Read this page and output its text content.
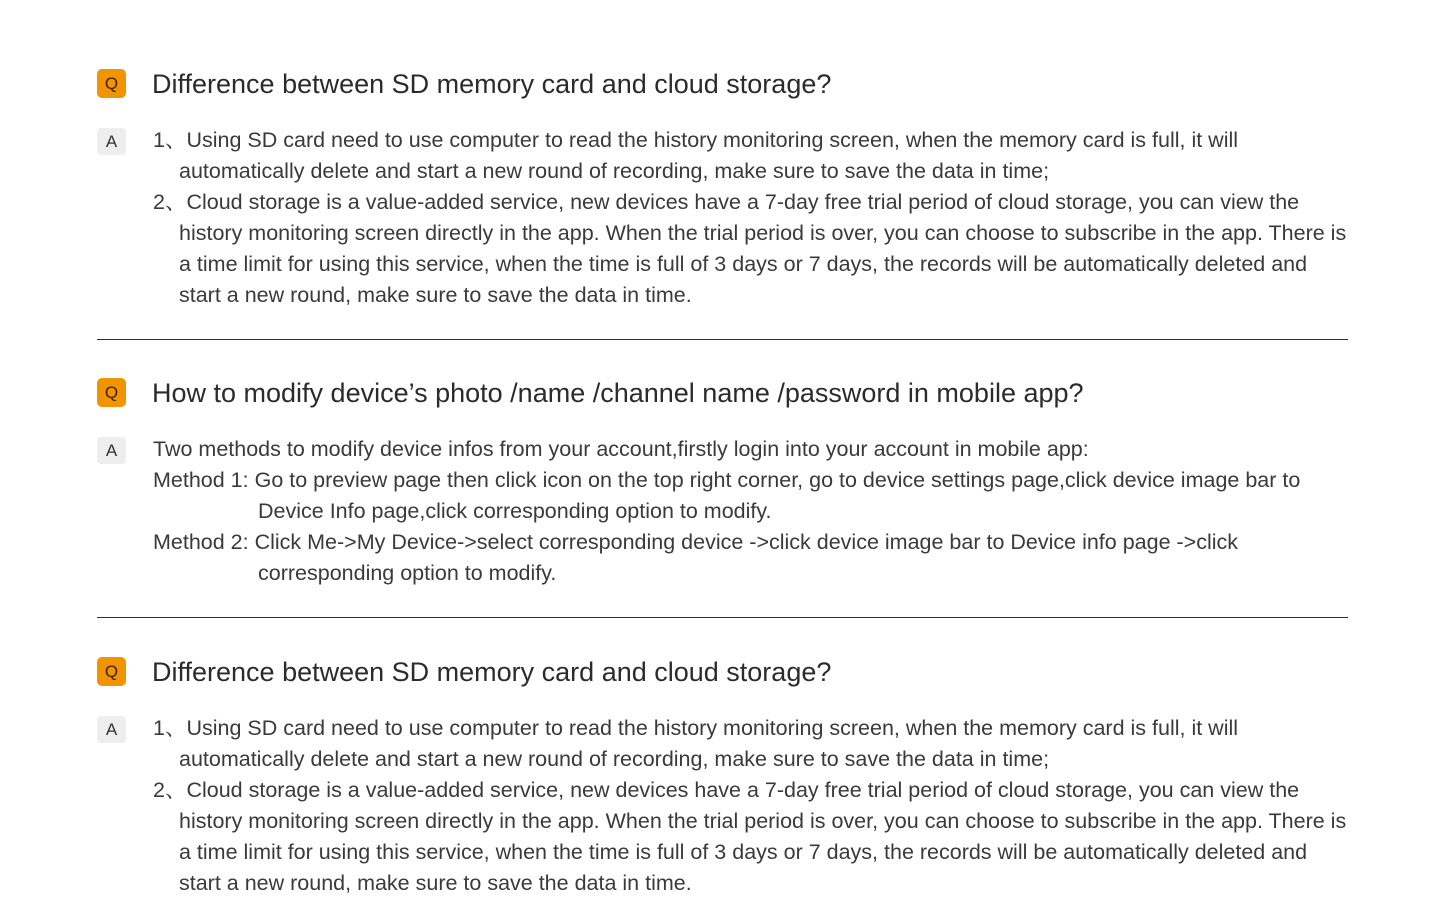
Q Difference between SD memory card and cloud storage?
A	1、Using SD card need to use computer to read the history monitoring screen, when the memory card is full, it will automatically delete and start a new round of recording, make sure to save the data in time;
2、Cloud storage is a value-added service, new devices have a 7-day free trial period of cloud storage, you can view the history monitoring screen directly in the app. When the trial period is over, you can choose to subscribe in the app. There is a time limit for using this service, when the time is full of 3 days or 7 days, the records will be automatically deleted and start a new round, make sure to save the data in time.
Q How to modify device’s photo /name /channel name /password in mobile app?
A	Two methods to modify device infos from your account,firstly login into your account in mobile app:
Method 1: Go to preview page then click icon on the top right corner, go to device settings page,click device image bar to Device Info page,click corresponding option to modify.
Method 2: Click Me->My Device->select corresponding device ->click device image bar to Device info page ->click corresponding option to modify.
Q Difference between SD memory card and cloud storage?
A	1、Using SD card need to use computer to read the history monitoring screen, when the memory card is full, it will automatically delete and start a new round of recording, make sure to save the data in time;
2、Cloud storage is a value-added service, new devices have a 7-day free trial period of cloud storage, you can view the history monitoring screen directly in the app. When the trial period is over, you can choose to subscribe in the app. There is a time limit for using this service, when the time is full of 3 days or 7 days, the records will be automatically deleted and start a new round, make sure to save the data in time.
